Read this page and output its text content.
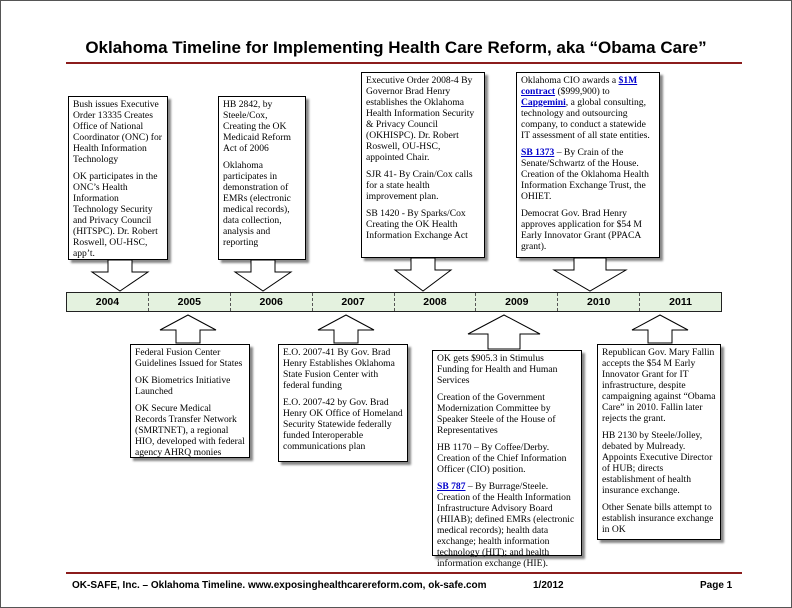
Oklahoma Timeline for Implementing Health Care Reform, aka “Obama Care”

Bush issues Executive Order 13335 Creates Office of National Coordinator (ONC) for Health Information Technology

OK participates in the ONC’s Health Information Technology Security and Privacy Council (HITSPC). Dr. Robert Roswell, OU-HSC, app’t.

HB 2842, by Steele/Cox, Creating the OK Medicaid Reform Act of 2006

Oklahoma participates in demonstration of EMRs (electronic medical records), data collection, analysis and reporting

Executive Order 2008-4 By Governor Brad Henry establishes the Oklahoma Health Information Security & Privacy Council (OKHISPC). Dr. Robert Roswell, OU-HSC, appointed Chair.

SJR 41- By Crain/Cox calls for a state health improvement plan.

SB 1420 - By Sparks/Cox Creating the OK Health Information Exchange Act

Oklahoma CIO awards a $1M contract ($999,900) to Capgemini, a global consulting, technology and outsourcing company, to conduct a statewide IT assessment of all state entities.

SB 1373 – By Crain of the Senate/Schwartz of the House. Creation of the Oklahoma Health Information Exchange Trust, the OHIET.

Democrat Gov. Brad Henry approves application for $54 M Early Innovator Grant (PPACA grant).

2004	2005	2006	2007	2008	2009	2010	2011

Federal Fusion Center Guidelines Issued for States

OK Biometrics Initiative Launched

OK Secure Medical Records Transfer Network (SMRTNET), a regional HIO, developed with federal agency AHRQ monies

E.O. 2007-41 By Gov. Brad Henry Establishes Oklahoma State Fusion Center with federal funding

E.O. 2007-42 by Gov. Brad Henry OK Office of Homeland Security Statewide federally funded Interoperable communications plan

OK gets $905.3 in Stimulus Funding for Health and Human Services

Creation of the Government Modernization Committee by Speaker Steele of the House of Representatives

HB 1170 – By Coffee/Derby. Creation of the Chief Information Officer (CIO) position.

SB 787 – By Burrage/Steele. Creation of the Health Information Infrastructure Advisory Board (HIIAB); defined EMRs (electronic medical records); health data exchange; health information technology (HIT); and health information exchange (HIE).

Republican Gov. Mary Fallin accepts the $54 M Early Innovator Grant for IT infrastructure, despite campaigning against “Obama Care” in 2010. Fallin later rejects the grant.

HB 2130 by Steele/Jolley, debated by Mulready. Appoints Executive Director of HUB; directs establishment of health insurance exchange.

Other Senate bills attempt to establish insurance exchange in OK

OK-SAFE, Inc. – Oklahoma Timeline. www.exposinghealthcarereform.com, ok-safe.com	1/2012	Page 1
